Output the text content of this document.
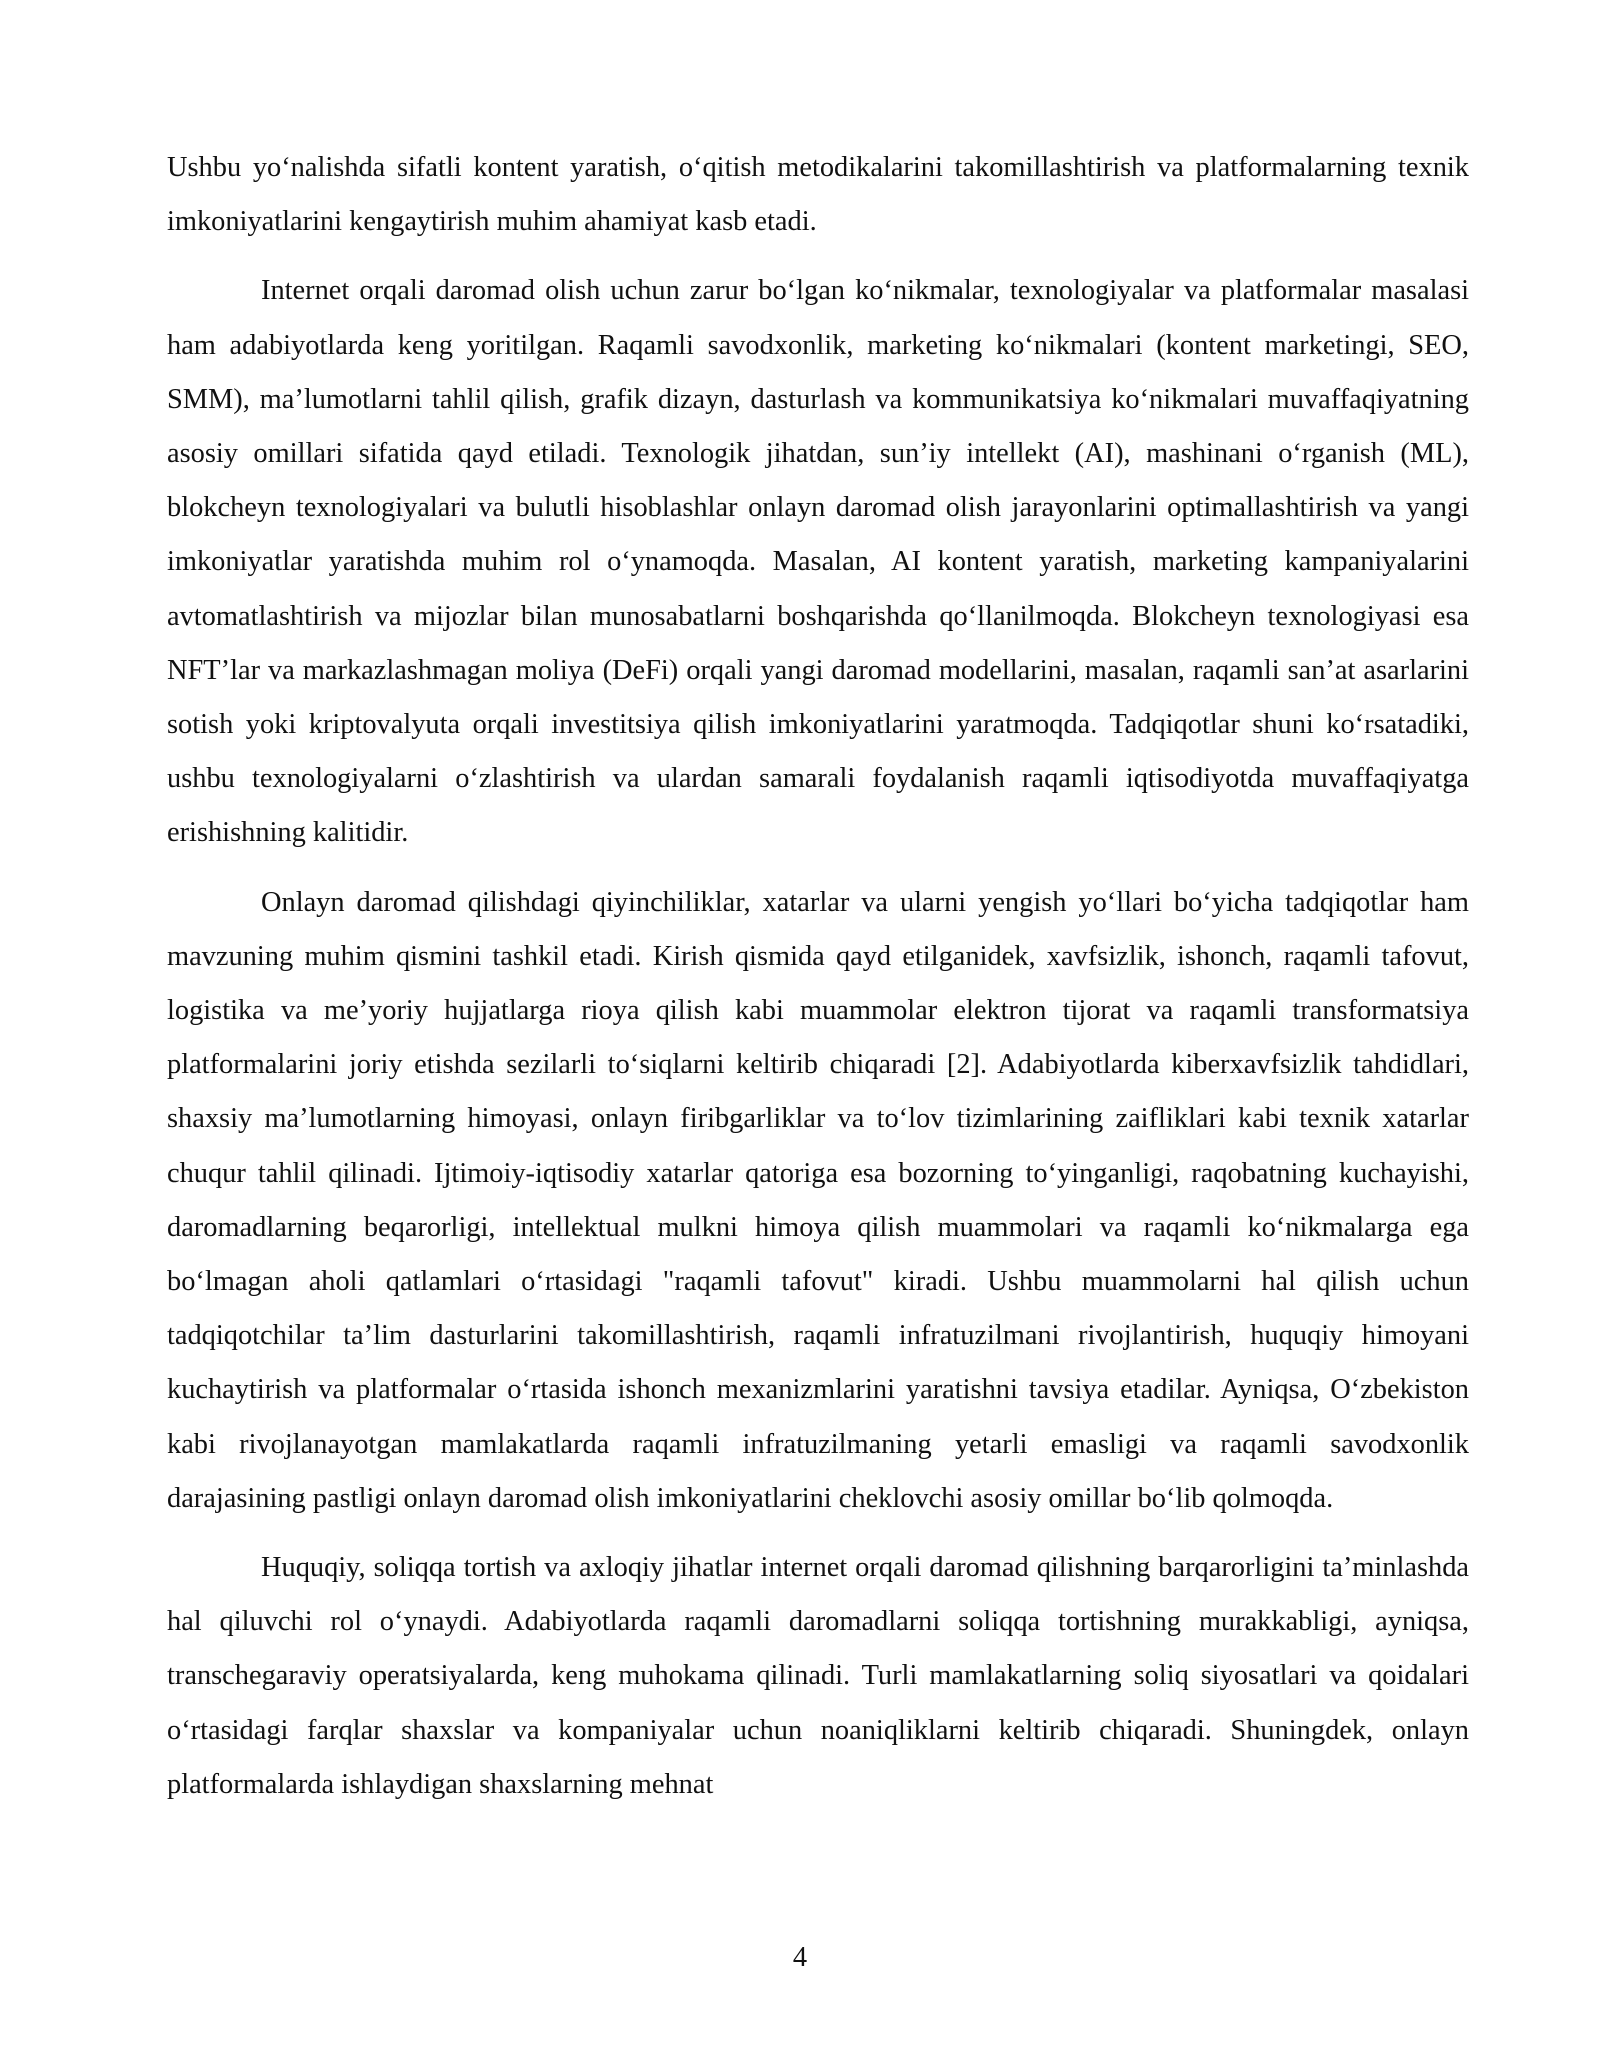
Ushbu yo‘nalishda sifatli kontent yaratish, o‘qitish metodikalarini takomillashtirish va platformalarning texnik imkoniyatlarini kengaytirish muhim ahamiyat kasb etadi.

Internet orqali daromad olish uchun zarur bo‘lgan ko‘nikmalar, texnologiyalar va platformalar masalasi ham adabiyotlarda keng yoritilgan. Raqamli savodxonlik, marketing ko‘nikmalari (kontent marketingi, SEO, SMM), ma’lumotlarni tahlil qilish, grafik dizayn, dasturlash va kommunikatsiya ko‘nikmalari muvaffaqiyatning asosiy omillari sifatida qayd etiladi. Texnologik jihatdan, sun’iy intellekt (AI), mashinani o‘rganish (ML), blokcheyn texnologiyalari va bulutli hisoblashlar onlayn daromad olish jarayonlarini optimallashtirish va yangi imkoniyatlar yaratishda muhim rol o‘ynamoqda. Masalan, AI kontent yaratish, marketing kampaniyalarini avtomatlashtirish va mijozlar bilan munosabatlarni boshqarishda qo‘llanilmoqda. Blokcheyn texnologiyasi esa NFT’lar va markazlashmagan moliya (DeFi) orqali yangi daromad modellarini, masalan, raqamli san’at asarlarini sotish yoki kriptovalyuta orqali investitsiya qilish imkoniyatlarini yaratmoqda. Tadqiqotlar shuni ko‘rsatadiki, ushbu texnologiyalarni o‘zlashtirish va ulardan samarali foydalanish raqamli iqtisodiyotda muvaffaqiyatga erishishning kalitidir.

Onlayn daromad qilishdagi qiyinchiliklar, xatarlar va ularni yengish yo‘llari bo‘yicha tadqiqotlar ham mavzuning muhim qismini tashkil etadi. Kirish qismida qayd etilganidek, xavfsizlik, ishonch, raqamli tafovut, logistika va me’yoriy hujjatlarga rioya qilish kabi muammolar elektron tijorat va raqamli transformatsiya platformalarini joriy etishda sezilarli to‘siqlarni keltirib chiqaradi [2]. Adabiyotlarda kiberxavfsizlik tahdidlari, shaxsiy ma’lumotlarning himoyasi, onlayn firibgarliklar va to‘lov tizimlarining zaifliklari kabi texnik xatarlar chuqur tahlil qilinadi. Ijtimoiy-iqtisodiy xatarlar qatoriga esa bozorning to‘yinganligi, raqobatning kuchayishi, daromadlarning beqarorligi, intellektual mulkni himoya qilish muammolari va raqamli ko‘nikmalarga ega bo‘lmagan aholi qatlamlari o‘rtasidagi "raqamli tafovut" kiradi. Ushbu muammolarni hal qilish uchun tadqiqotchilar ta’lim dasturlarini takomillashtirish, raqamli infratuzilmani rivojlantirish, huquqiy himoyani kuchaytirish va platformalar o‘rtasida ishonch mexanizmlarini yaratishni tavsiya etadilar. Ayniqsa, O‘zbekiston kabi rivojlanayotgan mamlakatlarda raqamli infratuzilmaning yetarli emasligi va raqamli savodxonlik darajasining pastligi onlayn daromad olish imkoniyatlarini cheklovchi asosiy omillar bo‘lib qolmoqda.

Huquqiy, soliqqa tortish va axloqiy jihatlar internet orqali daromad qilishning barqarorligini ta’minlashda hal qiluvchi rol o‘ynaydi. Adabiyotlarda raqamli daromadlarni soliqqa tortishning murakkabligi, ayniqsa, transchegaraviy operatsiyalarda, keng muhokama qilinadi. Turli mamlakatlarning soliq siyosatlari va qoidalari o‘rtasidagi farqlar shaxslar va kompaniyalar uchun noaniqliklarni keltirib chiqaradi. Shuningdek, onlayn platformalarda ishlaydigan shaxslarning mehnat

4
